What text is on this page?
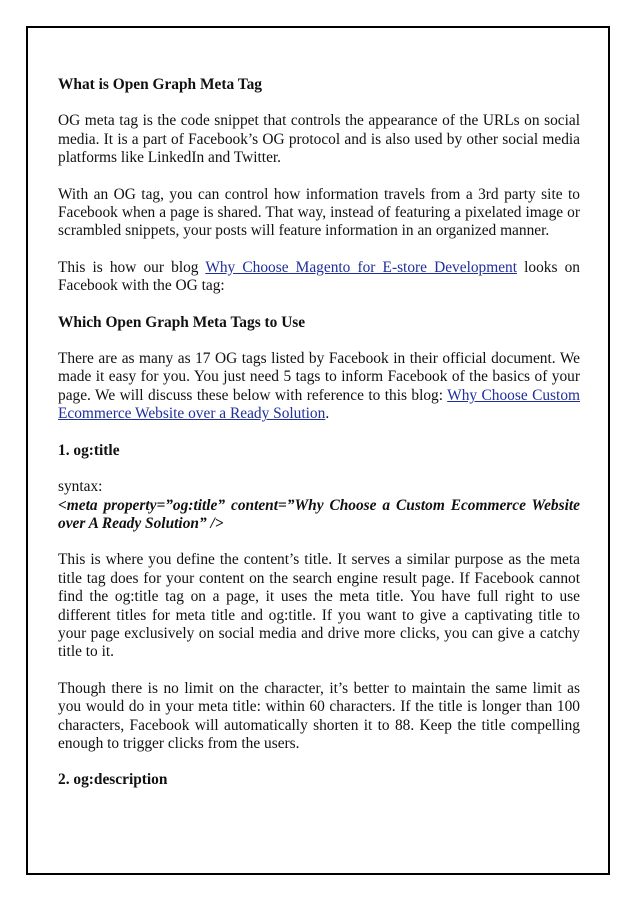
What is Open Graph Meta Tag

OG meta tag is the code snippet that controls the appearance of the URLs on social media. It is a part of Facebook’s OG protocol and is also used by other social media platforms like LinkedIn and Twitter.

With an OG tag, you can control how information travels from a 3rd party site to Facebook when a page is shared. That way, instead of featuring a pixelated image or scrambled snippets, your posts will feature information in an organized manner.

This is how our blog Why Choose Magento for E-store Development looks on Facebook with the OG tag:

Which Open Graph Meta Tags to Use

There are as many as 17 OG tags listed by Facebook in their official document. We made it easy for you. You just need 5 tags to inform Facebook of the basics of your page. We will discuss these below with reference to this blog: Why Choose Custom Ecommerce Website over a Ready Solution.

1. og:title

syntax:

<meta property=”og:title” content=”Why Choose a Custom Ecommerce Website over A Ready Solution” />

This is where you define the content’s title. It serves a similar purpose as the meta title tag does for your content on the search engine result page. If Facebook cannot find the og:title tag on a page, it uses the meta title. You have full right to use different titles for meta title and og:title. If you want to give a captivating title to your page exclusively on social media and drive more clicks, you can give a catchy title to it.

Though there is no limit on the character, it’s better to maintain the same limit as you would do in your meta title: within 60 characters. If the title is longer than 100 characters, Facebook will automatically shorten it to 88. Keep the title compelling enough to trigger clicks from the users.

2. og:description
